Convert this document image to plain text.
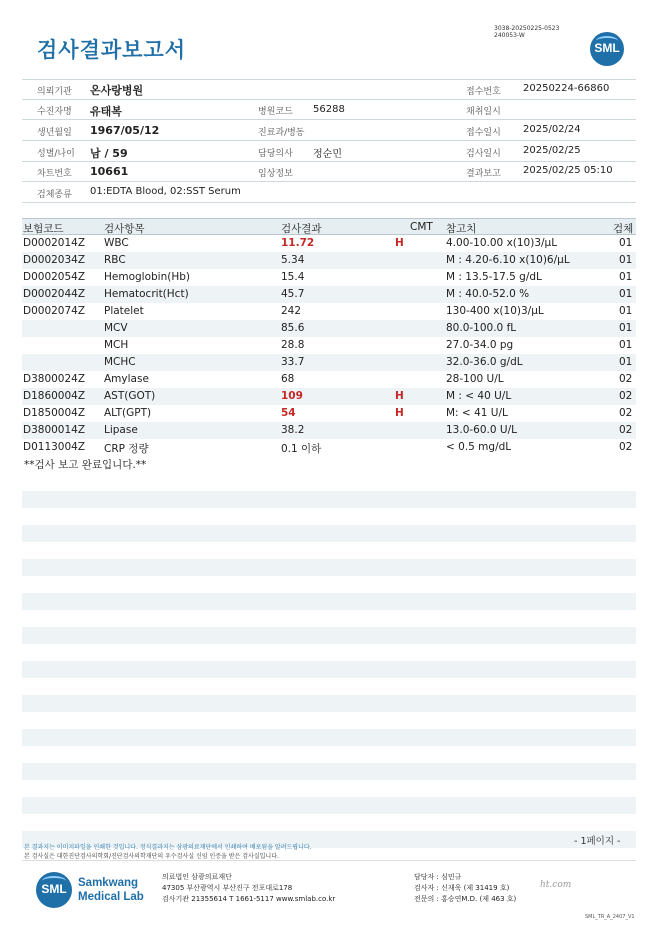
검사결과보고서
3038-20250225-0523
240053-W
SML
의뢰기관 온사랑병원	접수번호 20250224-66860
수진자명 유태복	병원코드 56288	채취일시
생년월일 1967/05/12	진료과/병동	접수일시 2025/02/24
성별/나이 남 / 59	담당의사 정순민	검사일시 2025/02/25
차트번호 10661	임상정보	결과보고 2025/02/25 05:10
검체종류 01:EDTA Blood, 02:SST Serum
보험코드	검사항목	검사결과	CMT 참고치	검체
D0002014Z WBC	11.72	H	4.00-10.00 x(10)3/μL	01
D0002034Z RBC	5.34	M : 4.20-6.10 x(10)6/μL	01
D0002054Z Hemoglobin(Hb)	15.4	M : 13.5-17.5 g/dL	01
D0002044Z Hematocrit(Hct)	45.7	M : 40.0-52.0 %	01
D0002074Z Platelet	242	130-400 x(10)3/μL	01
MCV	85.6	80.0-100.0 fL	01
MCH	28.8	27.0-34.0 pg	01
MCHC	33.7	32.0-36.0 g/dL	01
D3800024Z Amylase	68	28-100 U/L	02
D1860004Z AST(GOT)	109	H	M : < 40 U/L	02
D1850004Z ALT(GPT)	54	H	M: < 41 U/L	02
D3800014Z Lipase	38.2	13.0-60.0 U/L	02
D0113004Z CRP 정량	0.1 이하	< 0.5 mg/dL	02
**검사 보고 완료입니다.**
- 1페이지 -
본 결과지는 이미지파일을 인쇄한 것입니다. 정식결과지는 삼광의료재단에서 인쇄하여 배포됨을 알려드립니다.
본 검사실은 대한진단검사의학회/진단검사의학재단의 우수검사실 신임 인증을 받은 검사실입니다.
SML Samkwang
Medical Lab
의료법인 삼광의료재단
47305 부산광역시 부산진구 전포대로178
검사기관 21355614 T 1661-5117 www.smlab.co.kr
담당자 : 심민규
검사자 : 신재욱 (제 31419 호)
전문의 : 홍승연M.D. (제 463 호)
ht.com
SML_TR_A_2407_V1
